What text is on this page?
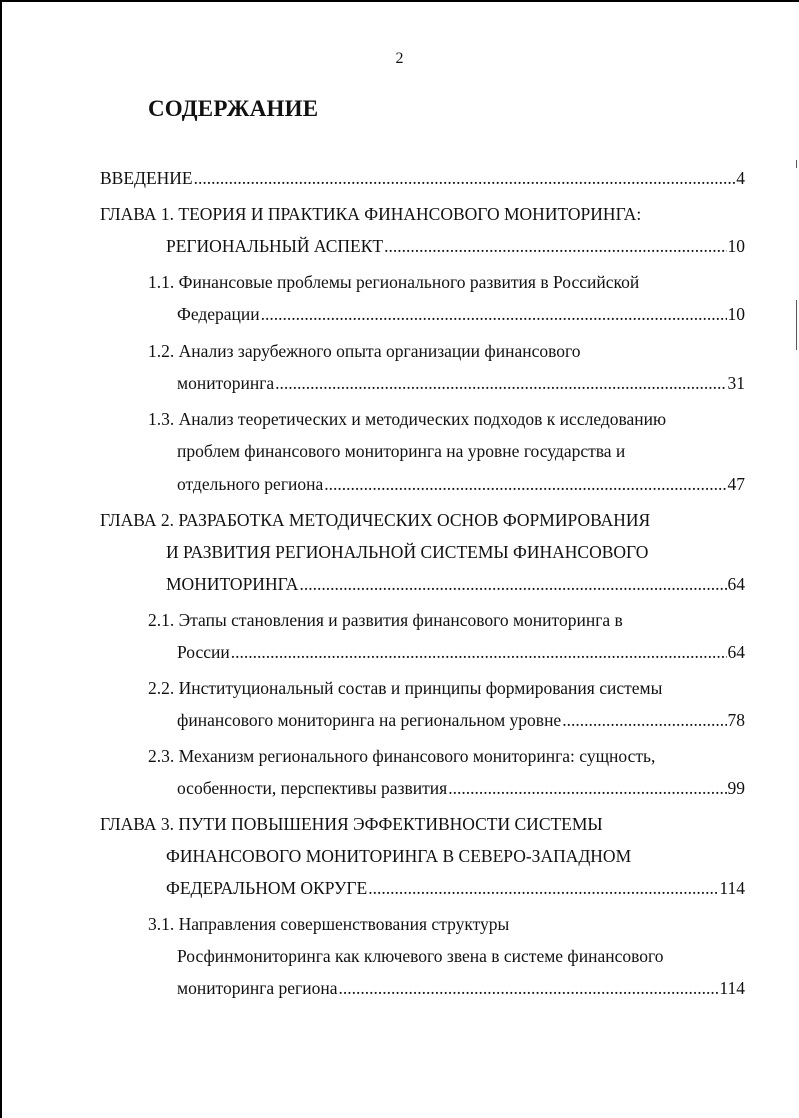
2
СОДЕРЖАНИЕ
ВВЕДЕНИЕ .....	4
ГЛАВА 1. ТЕОРИЯ И ПРАКТИКА ФИНАНСОВОГО МОНИТОРИНГА:
РЕГИОНАЛЬНЫЙ АСПЕКТ .....	10
1.1. Финансовые проблемы регионального развития в Российской
Федерации .....	10
1.2. Анализ зарубежного опыта организации финансового
мониторинга .....	31
1.3. Анализ теоретических и методических подходов к исследованию
проблем финансового мониторинга на уровне государства и
отдельного региона .....	47
ГЛАВА 2. РАЗРАБОТКА МЕТОДИЧЕСКИХ ОСНОВ ФОРМИРОВАНИЯ
И РАЗВИТИЯ РЕГИОНАЛЬНОЙ СИСТЕМЫ ФИНАНСОВОГО
МОНИТОРИНГА .....	64
2.1. Этапы становления и развития финансового мониторинга в
России .....	64
2.2. Институциональный состав и принципы формирования системы
финансового мониторинга на региональном уровне .....	78
2.3. Механизм регионального финансового мониторинга: сущность,
особенности, перспективы развития .....	99
ГЛАВА 3. ПУТИ ПОВЫШЕНИЯ ЭФФЕКТИВНОСТИ СИСТЕМЫ
ФИНАНСОВОГО МОНИТОРИНГА В СЕВЕРО-ЗАПАДНОМ
ФЕДЕРАЛЬНОМ ОКРУГЕ .....	114
3.1. Направления совершенствования структуры
Росфинмониторинга как ключевого звена в системе финансового
мониторинга региона .....	114
